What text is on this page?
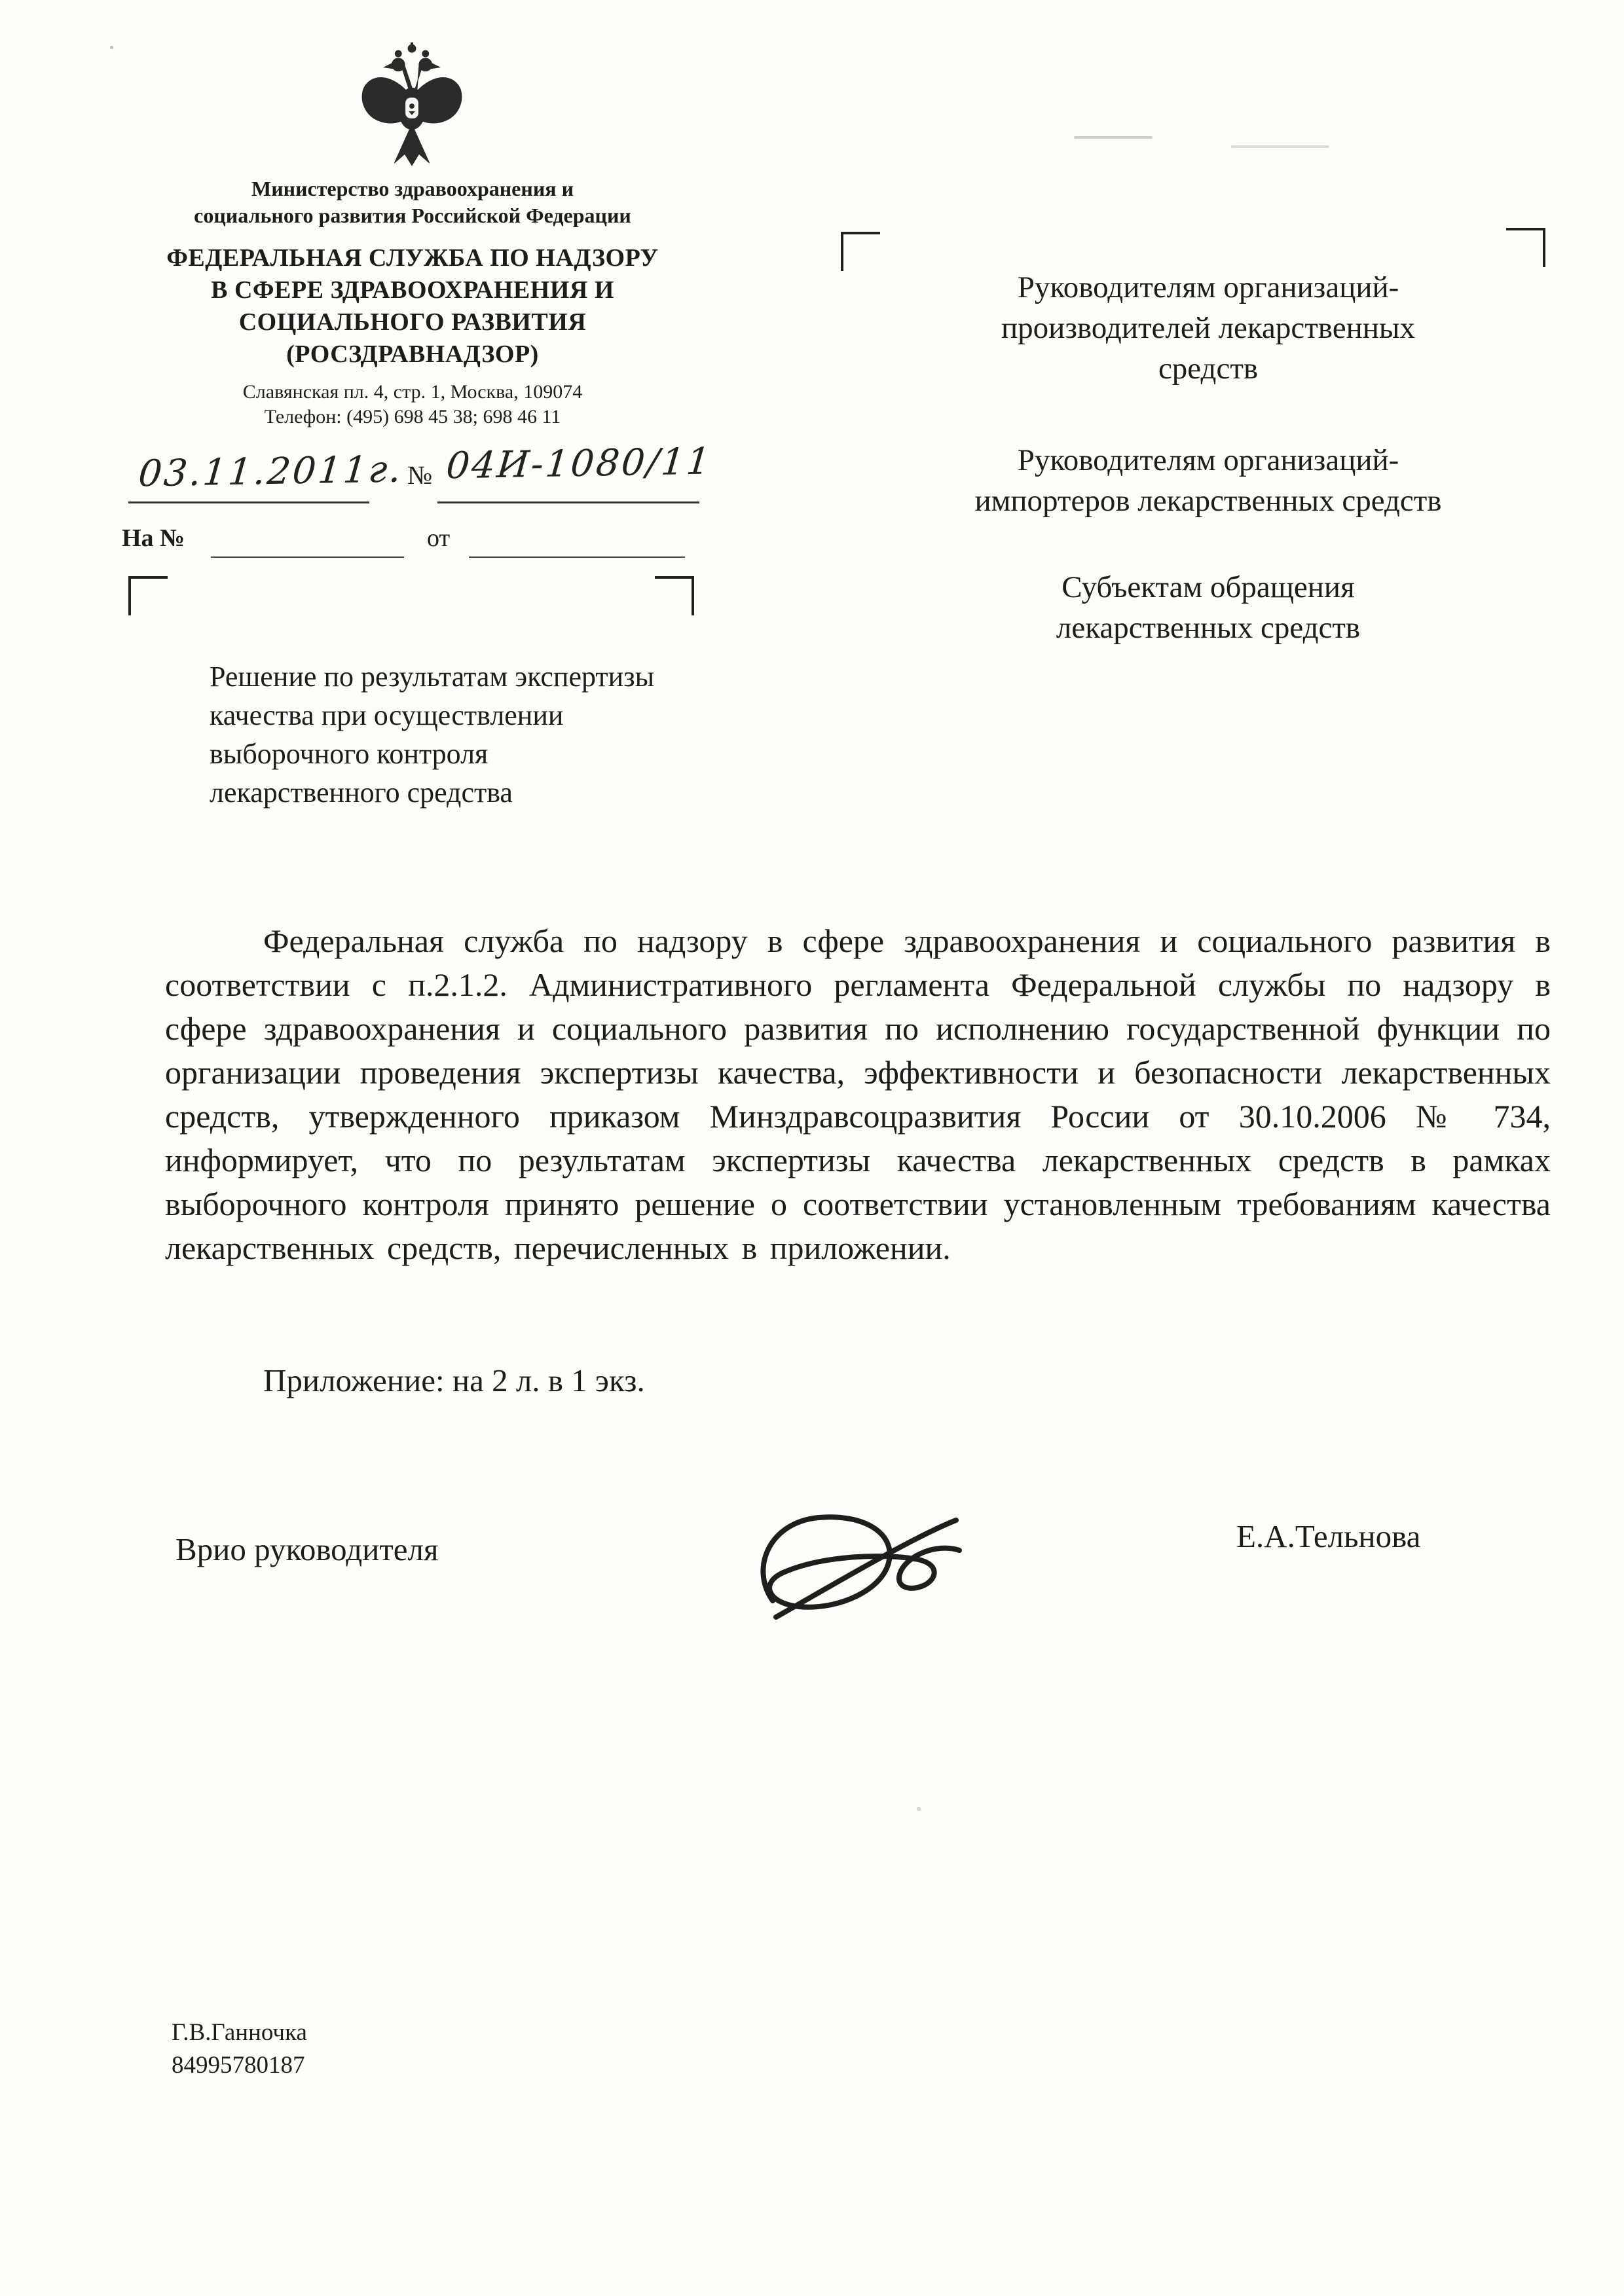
Министерство здравоохранения и
социального развития Российской Федерации
ФЕДЕРАЛЬНАЯ СЛУЖБА ПО НАДЗОРУ
В СФЕРЕ ЗДРАВООХРАНЕНИЯ И
СОЦИАЛЬНОГО РАЗВИТИЯ
(РОСЗДРАВНАДЗОР)
Славянская пл. 4, стр. 1, Москва, 109074
Телефон: (495) 698 45 38; 698 46 11
03.11.2011г. № 04И-1080/11
На №	от
Руководителям организаций-
производителей лекарственных
средств
Руководителям организаций-
импортеров лекарственных средств
Субъектам обращения
лекарственных средств
Решение по результатам экспертизы
качества при осуществлении
выборочного контроля
лекарственного средства

Федеральная служба по надзору в сфере здравоохранения и социального развития в соответствии с п.2.1.2. Административного регламента Федеральной службы по надзору в сфере здравоохранения и социального развития по исполнению государственной функции по организации проведения экспертизы качества, эффективности и безопасности лекарственных средств, утвержденного приказом Минздравсоцразвития России от 30.10.2006 № 734, информирует, что по результатам экспертизы качества лекарственных средств в рамках выборочного контроля принято решение о соответствии установленным требованиям качества лекарственных средств, перечисленных в приложении.

Приложение: на 2 л. в 1 экз.
Врио руководителя	Е.А.Тельнова
Г.В.Ганночка
84995780187
